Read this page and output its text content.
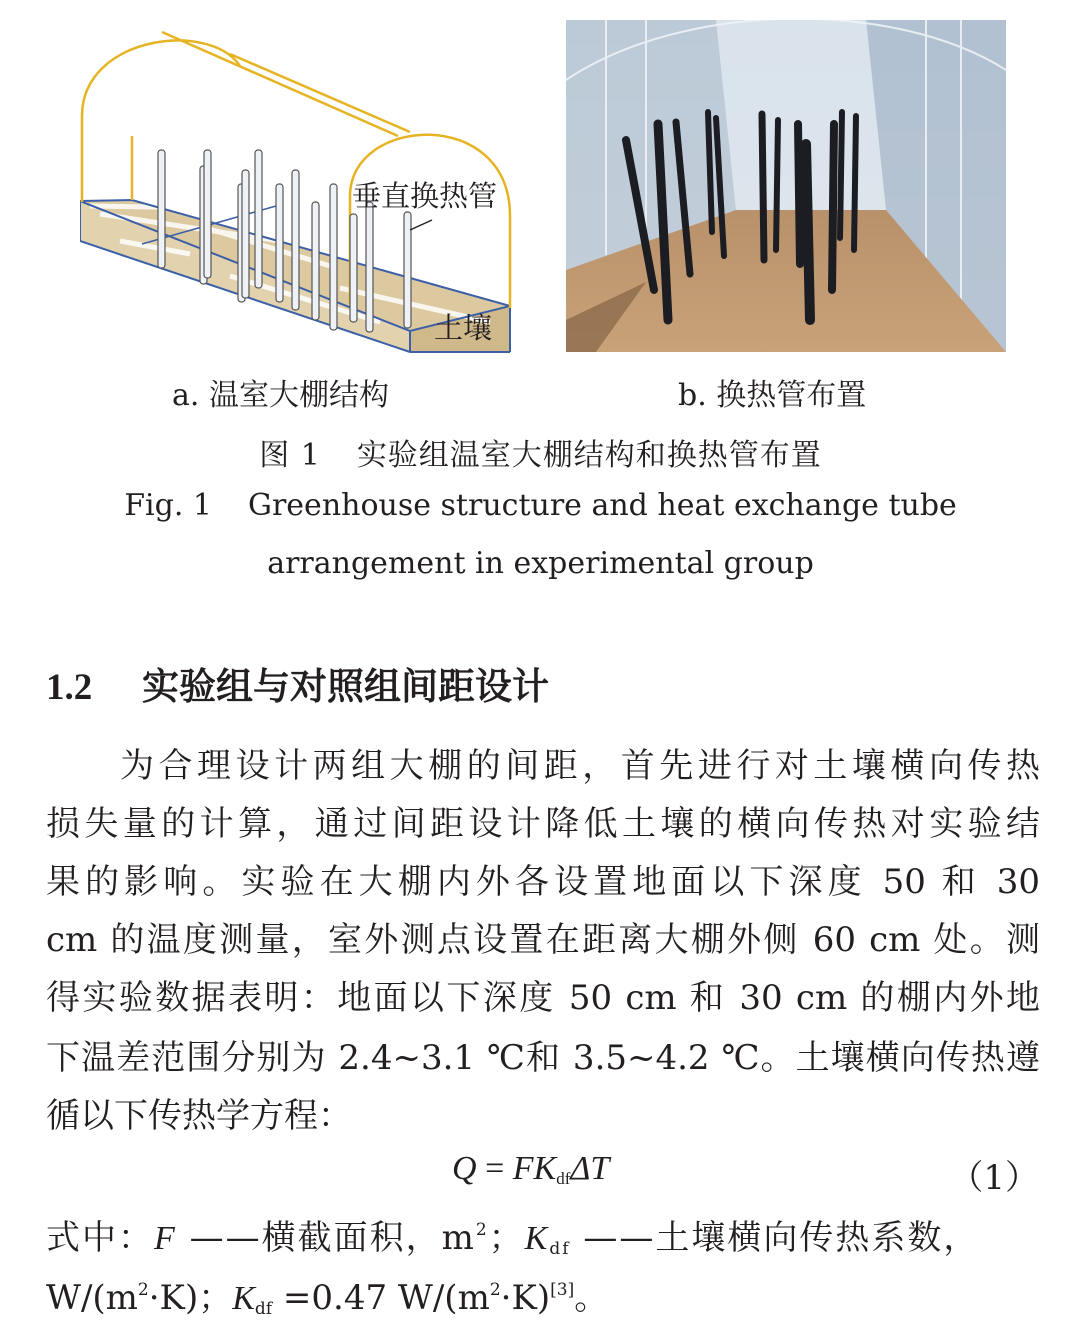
垂直换热管
土壤
a. 温室大棚结构	b. 换热管布置
图 1 实验组温室大棚结构和换热管布置
Fig. 1 Greenhouse structure and heat exchange tube
arrangement in experimental group
1.2 实验组与对照组间距设计
为合理设计两组大棚的间距，首先进行对土壤横向传热
损失量的计算，通过间距设计降低土壤的横向传热对实验结
果的影响。实验在大棚内外各设置地面以下深度 50 和 30
cm 的温度测量，室外测点设置在距离大棚外侧 60 cm 处。测
得实验数据表明：地面以下深度 50 cm 和 30 cm 的棚内外地
下温差范围分别为 2.4~3.1 ℃和 3.5~4.2 ℃。土壤横向传热遵
循以下传热学方程：
$Q = FK_{df}\Delta T$	（1）
式中：F ——横截面积，$m^2$；$K_{df}$ ——土壤横向传热系数，
$W/(m^2\cdot K)$；$K_{df} =0.47$ $W/(m^2\cdot K)[3]$。
